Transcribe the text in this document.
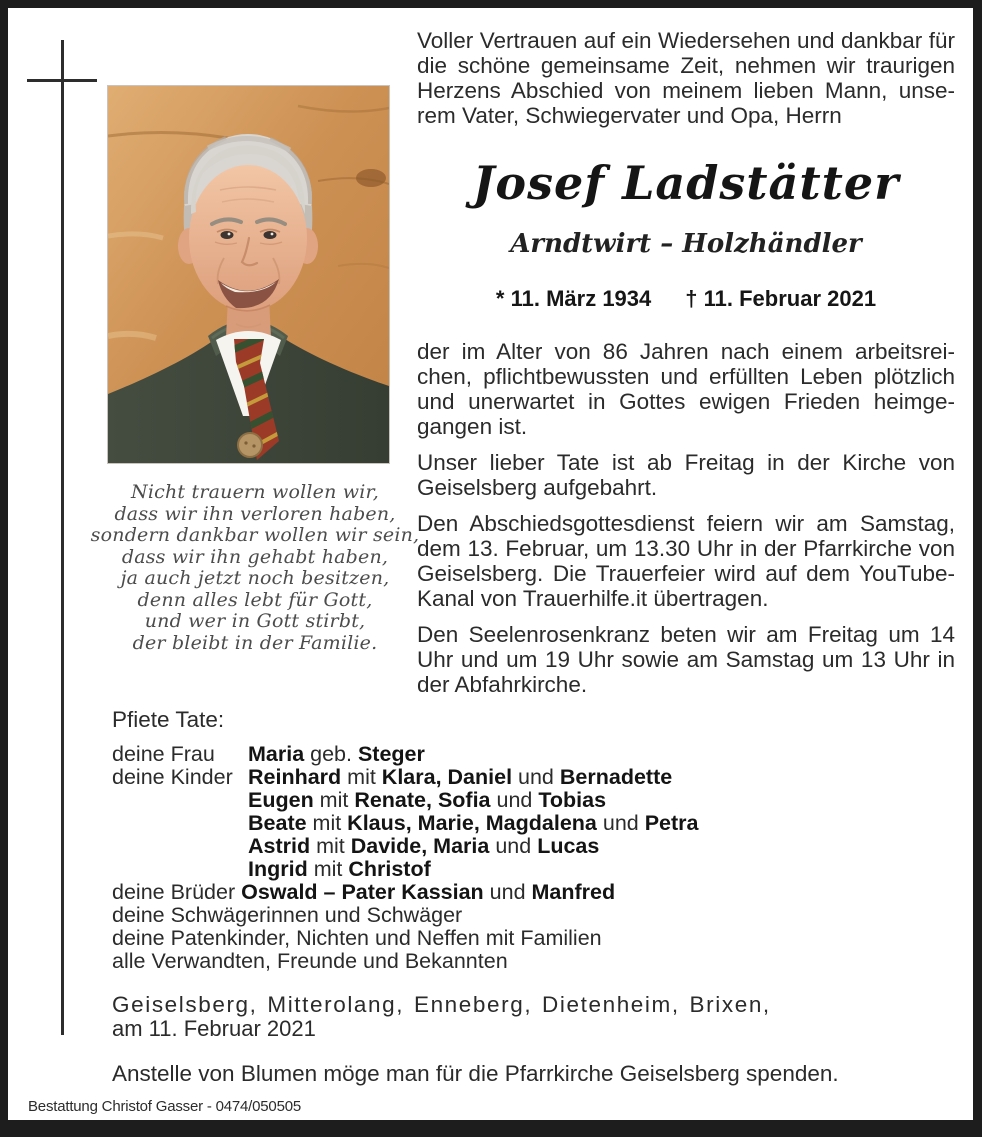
Nicht trauern wollen wir,
dass wir ihn verloren haben,
sondern dankbar wollen wir sein,
dass wir ihn gehabt haben,
ja auch jetzt noch besitzen,
denn alles lebt für Gott,
und wer in Gott stirbt,
der bleibt in der Familie.

Voller Vertrauen auf ein Wiedersehen und dankbar für die schöne gemeinsame Zeit, nehmen wir traurigen Herzens Abschied von meinem lieben Mann, unserem Vater, Schwiegervater und Opa, Herrn

Josef Ladstätter
Arndtwirt – Holzhändler
* 11. März 1934 † 11. Februar 2021

der im Alter von 86 Jahren nach einem arbeitsreichen, pflichtbewussten und erfüllten Leben plötzlich und unerwartet in Gottes ewigen Frieden heimgegangen ist.

Unser lieber Tate ist ab Freitag in der Kirche von Geiselsberg aufgebahrt.

Den Abschiedsgottesdienst feiern wir am Samstag, dem 13. Februar, um 13.30 Uhr in der Pfarrkirche von Geiselsberg. Die Trauerfeier wird auf dem YouTube-Kanal von Trauerhilfe.it übertragen.

Den Seelenrosenkranz beten wir am Freitag um 14 Uhr und um 19 Uhr sowie am Samstag um 13 Uhr in der Abfahrkirche.

Pfiete Tate:
deine Frau	Maria geb. Steger
deine Kinder Reinhard mit Klara, Daniel und Bernadette
Eugen mit Renate, Sofia und Tobias
Beate mit Klaus, Marie, Magdalena und Petra
Astrid mit Davide, Maria und Lucas
Ingrid mit Christof
deine Brüder Oswald – Pater Kassian und Manfred
deine Schwägerinnen und Schwäger
deine Patenkinder, Nichten und Neffen mit Familien
alle Verwandten, Freunde und Bekannten
Geiselsberg, Mitterolang, Enneberg, Dietenheim, Brixen,
am 11. Februar 2021
Anstelle von Blumen möge man für die Pfarrkirche Geiselsberg spenden.
Bestattung Christof Gasser - 0474/050505
